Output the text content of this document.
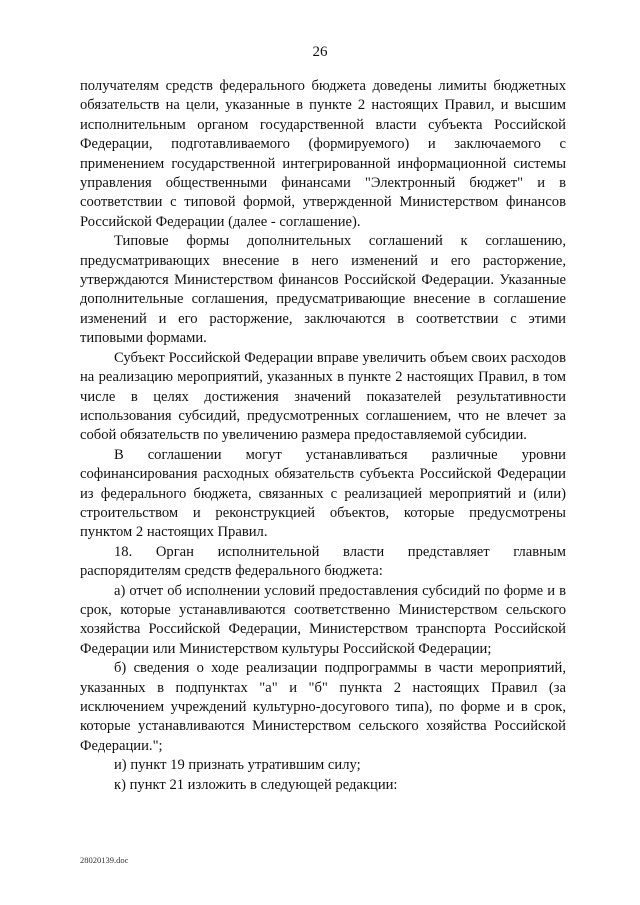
26

получателям средств федерального бюджета доведены лимиты бюджетных обязательств на цели, указанные в пункте 2 настоящих Правил, и высшим исполнительным органом государственной власти субъекта Российской Федерации, подготавливаемого (формируемого) и заключаемого с применением государственной интегрированной информационной системы управления общественными финансами "Электронный бюджет" и в соответствии с типовой формой, утвержденной Министерством финансов Российской Федерации (далее - соглашение).

Типовые формы дополнительных соглашений к соглашению, предусматривающих внесение в него изменений и его расторжение, утверждаются Министерством финансов Российской Федерации. Указанные дополнительные соглашения, предусматривающие внесение в соглашение изменений и его расторжение, заключаются в соответствии с этими типовыми формами.

Субъект Российской Федерации вправе увеличить объем своих расходов на реализацию мероприятий, указанных в пункте 2 настоящих Правил, в том числе в целях достижения значений показателей результативности использования субсидий, предусмотренных соглашением, что не влечет за собой обязательств по увеличению размера предоставляемой субсидии.

В соглашении могут устанавливаться различные уровни софинансирования расходных обязательств субъекта Российской Федерации из федерального бюджета, связанных с реализацией мероприятий и (или) строительством и реконструкцией объектов, которые предусмотрены пунктом 2 настоящих Правил.

18. Орган исполнительной власти представляет главным распорядителям средств федерального бюджета:

а) отчет об исполнении условий предоставления субсидий по форме и в срок, которые устанавливаются соответственно Министерством сельского хозяйства Российской Федерации, Министерством транспорта Российской Федерации или Министерством культуры Российской Федерации;

б) сведения о ходе реализации подпрограммы в части мероприятий, указанных в подпунктах "а" и "б" пункта 2 настоящих Правил (за исключением учреждений культурно-досугового типа), по форме и в срок, которые устанавливаются Министерством сельского хозяйства Российской Федерации.";

и) пункт 19 признать утратившим силу;

к) пункт 21 изложить в следующей редакции:

28020139.doc
